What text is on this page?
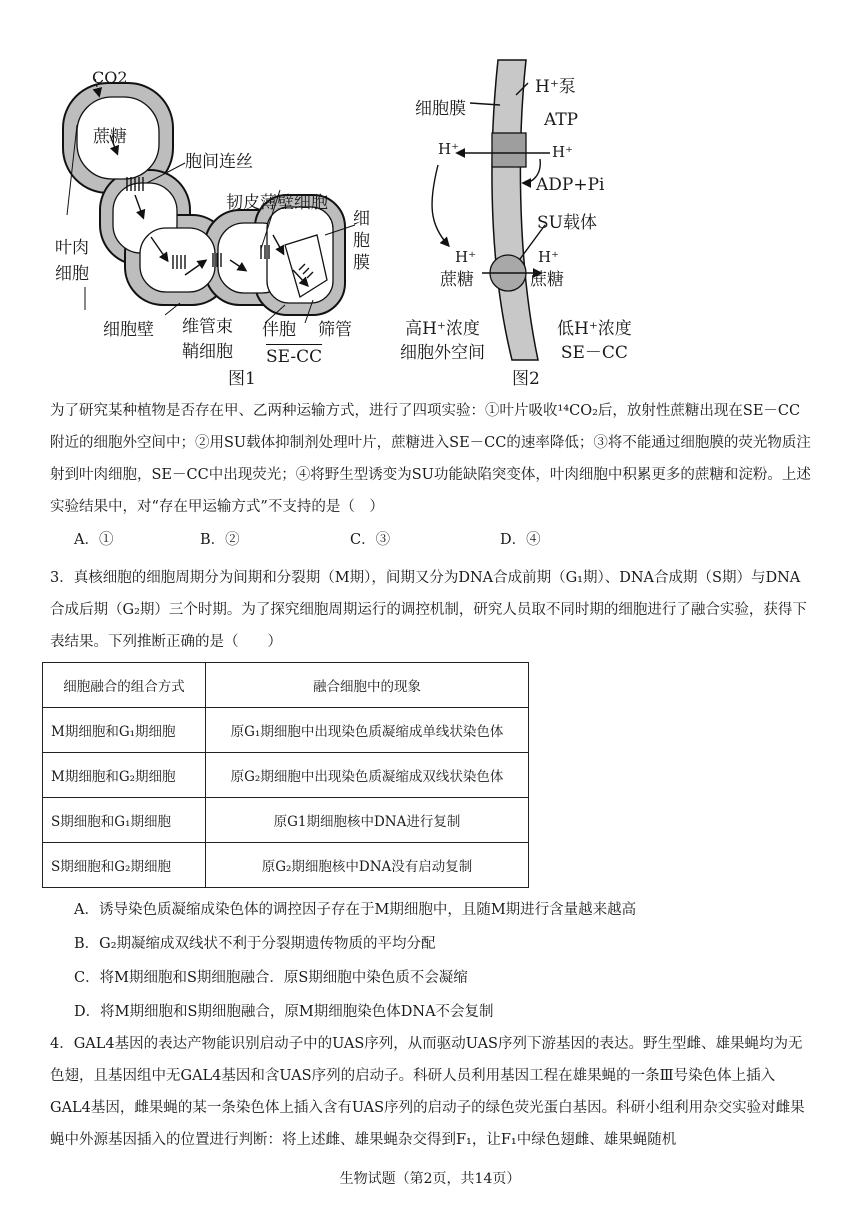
CO2
蔗糖
胞间连丝
韧皮薄壁细胞
细
胞
膜
叶肉
细胞
细胞壁 维管束
鞘细胞
伴胞 筛管
SE-CC
图1
细胞膜
H⁺泵
ATP
H⁺	H⁺
ADP+Pi
SU载体
H⁺
蔗糖
H⁺
蔗糖
高H⁺浓度
细胞外空间
低H⁺浓度
SE－CC
图2
为了研究某种植物是否存在甲、乙两种运输方式，进行了四项实验：①叶片吸收¹⁴CO₂后，放射性蔗糖出现在SE－CC附近的细胞外空间中；②用SU载体抑制剂处理叶片，蔗糖进入SE－CC的速率降低；③将不能通过细胞膜的荧光物质注射到叶肉细胞，SE－CC中出现荧光；④将野生型诱变为SU功能缺陷突变体，叶肉细胞中积累更多的蔗糖和淀粉。上述实验结果中，对“存在甲运输方式”不支持的是（　）
A．①	B．②	C．③	D．④
3．真核细胞的细胞周期分为间期和分裂期（M期），间期又分为DNA合成前期（G₁期）、DNA合成期（S期）与DNA合成后期（G₂期）三个时期。为了探究细胞周期运行的调控机制，研究人员取不同时期的细胞进行了融合实验，获得下表结果。下列推断正确的是（　　）
细胞融合的组合方式	融合细胞中的现象
M期细胞和G₁期细胞	原G₁期细胞中出现染色质凝缩成单线状染色体
M期细胞和G₂期细胞	原G₂期细胞中出现染色质凝缩成双线状染色体
S期细胞和G₁期细胞	原G1期细胞核中DNA进行复制
S期细胞和G₂期细胞	原G₂期细胞核中DNA没有启动复制
A．诱导染色质凝缩成染色体的调控因子存在于M期细胞中，且随M期进行含量越来越高
B．G₂期凝缩成双线状不利于分裂期遗传物质的平均分配
C．将M期细胞和S期细胞融合．原S期细胞中染色质不会凝缩
D．将M期细胞和S期细胞融合，原M期细胞染色体DNA不会复制
4．GAL4基因的表达产物能识别启动子中的UAS序列，从而驱动UAS序列下游基因的表达。野生型雌、雄果蝇均为无色翅，且基因组中无GAL4基因和含UAS序列的启动子。科研人员利用基因工程在雄果蝇的一条Ⅲ号染色体上插入GAL4基因，雌果蝇的某一条染色体上插入含有UAS序列的启动子的绿色荧光蛋白基因。科研小组利用杂交实验对雌果蝇中外源基因插入的位置进行判断：将上述雌、雄果蝇杂交得到F₁，让F₁中绿色翅雌、雄果蝇随机
生物试题（第2页，共14页）
